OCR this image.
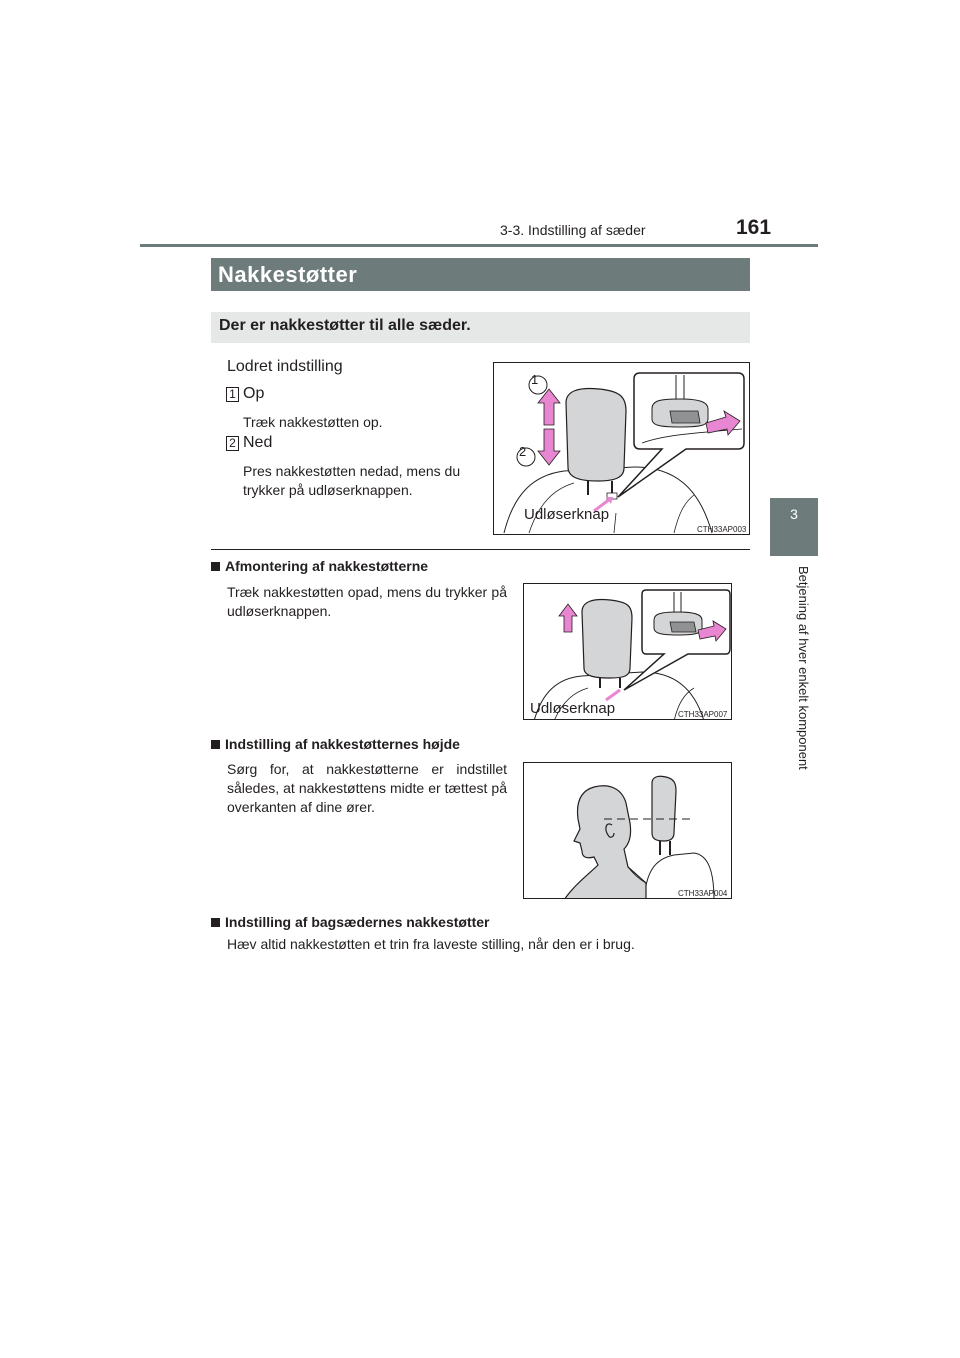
3-3. Indstilling af sæder	161
3
Betjening af hver enkelt komponent
Nakkestøtter
Der er nakkestøtter til alle sæder.
Lodret indstilling
1 Op
Træk nakkestøtten op.
2 Ned
Pres nakkestøtten nedad, mens du trykker på udløserknappen.
1
2
Udløserknap
CTH33AP003
Afmontering af nakkestøtterne
Træk nakkestøtten opad, mens du trykker på udløserknappen.
Udløserknap	CTH33AP007
Indstilling af nakkestøtternes højde
Sørg for, at nakkestøtterne er indstillet således, at nakkestøttens midte er tættest på overkanten af dine ører.
CTH33AP004
Indstilling af bagsædernes nakkestøtter
Hæv altid nakkestøtten et trin fra laveste stilling, når den er i brug.
